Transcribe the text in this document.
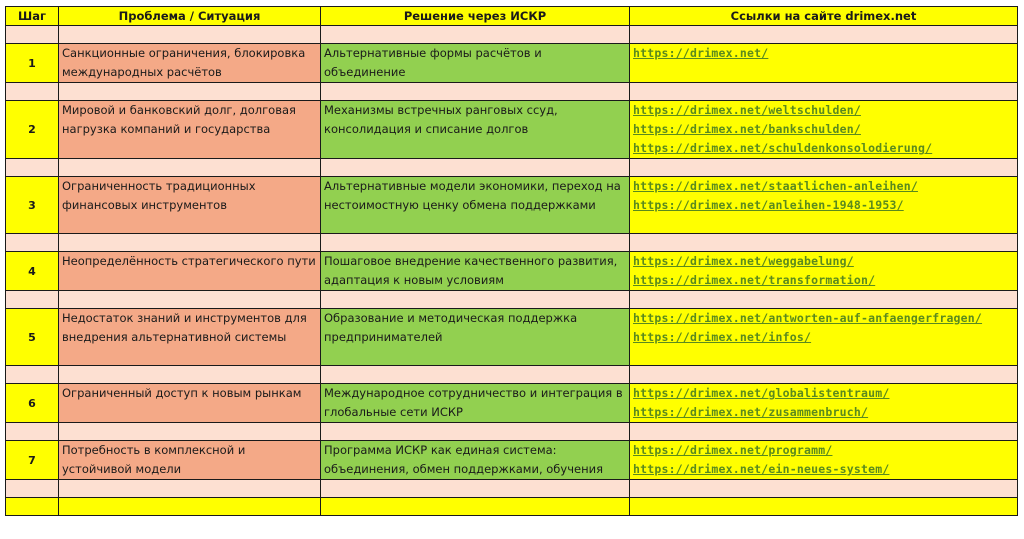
Шаг	Проблема / Ситуация	Решение через ИСКР	Ссылки на сайте drimex.net

1	Санкционные ограничения, блокировка международных расчётов	Альтернативные формы расчётов и объединение	https://drimex.net/

2	Мировой и банковский долг, долговая нагрузка компаний и государства	Механизмы встречных ранговых ссуд, консолидация и списание долгов	https://drimex.net/weltschulden/
https://drimex.net/bankschulden/
https://drimex.net/schuldenkonsolodierung/

3	Ограниченность традиционных финансовых инструментов	Альтернативные модели экономики, переход на нестоимостную ценку обмена поддержками	https://drimex.net/staatlichen-anleihen/
https://drimex.net/anleihen-1948-1953/

4	Неопределённость стратегического пути	Пошаговое внедрение качественного развития, адаптация к новым условиям	https://drimex.net/weggabelung/
https://drimex.net/transformation/

5	Недостаток знаний и инструментов для внедрения альтернативной системы	Образование и методическая поддержка предпринимателей	https://drimex.net/antworten-auf-anfaengerfragen/
https://drimex.net/infos/

6	Ограниченный доступ к новым рынкам	Международное сотрудничество и интеграция в глобальные сети ИСКР	https://drimex.net/globalistentraum/
https://drimex.net/zusammenbruch/

7	Потребность в комплексной и устойчивой модели	Программа ИСКР как единая система: объединения, обмен поддержками, обучения	https://drimex.net/programm/
https://drimex.net/ein-neues-system/
